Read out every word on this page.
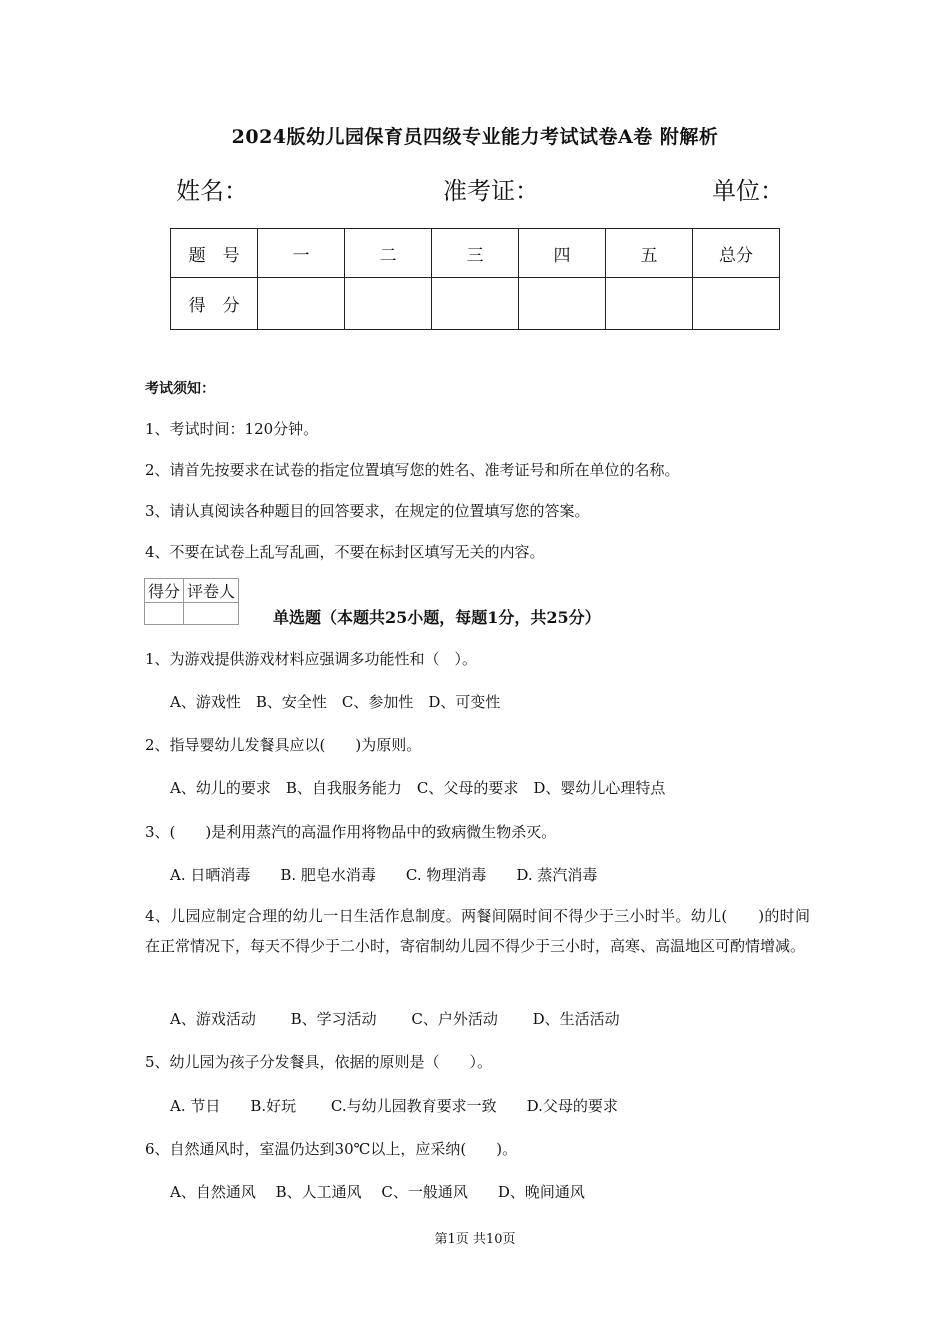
2024版幼儿园保育员四级专业能力考试试卷A卷 附解析
姓名：	准考证：	单位：
题　号	一	二	三	四	五	总分
得　分						
考试须知：
1、考试时间：120分钟。
2、请首先按要求在试卷的指定位置填写您的姓名、准考证号和所在单位的名称。
3、请认真阅读各种题目的回答要求，在规定的位置填写您的答案。
4、不要在试卷上乱写乱画，不要在标封区填写无关的内容。
得分	评卷人

单选题（本题共25小题，每题1分，共25分）
1、为游戏提供游戏材料应强调多功能性和（　）。
A、游戏性　B、安全性　C、参加性　D、可变性
2、指导婴幼儿发餐具应以(　　)为原则。
A、幼儿的要求　B、自我服务能力　C、父母的要求　D、婴幼儿心理特点
3、(　　)是利用蒸汽的高温作用将物品中的致病微生物杀灭。
A. 日晒消毒　　B. 肥皂水消毒　　C. 物理消毒　　D. 蒸汽消毒
4、儿园应制定合理的幼儿一日生活作息制度。两餐间隔时间不得少于三小时半。幼儿(　　)的时间在正常情况下，每天不得少于二小时，寄宿制幼儿园不得少于三小时，高寒、高温地区可酌情增减。
A、游戏活动　　 B、学习活动　　 C、户外活动　　 D、生活活动
5、幼儿园为孩子分发餐具，依据的原则是（　　）。
A. 节日　　B.好玩　　 C.与幼儿园教育要求一致　　D.父母的要求
6、自然通风时，室温仍达到30℃以上，应采纳(　　)。
A、自然通风　 B、人工通风　 C、一般通风　　D、晚间通风
第1页 共10页
